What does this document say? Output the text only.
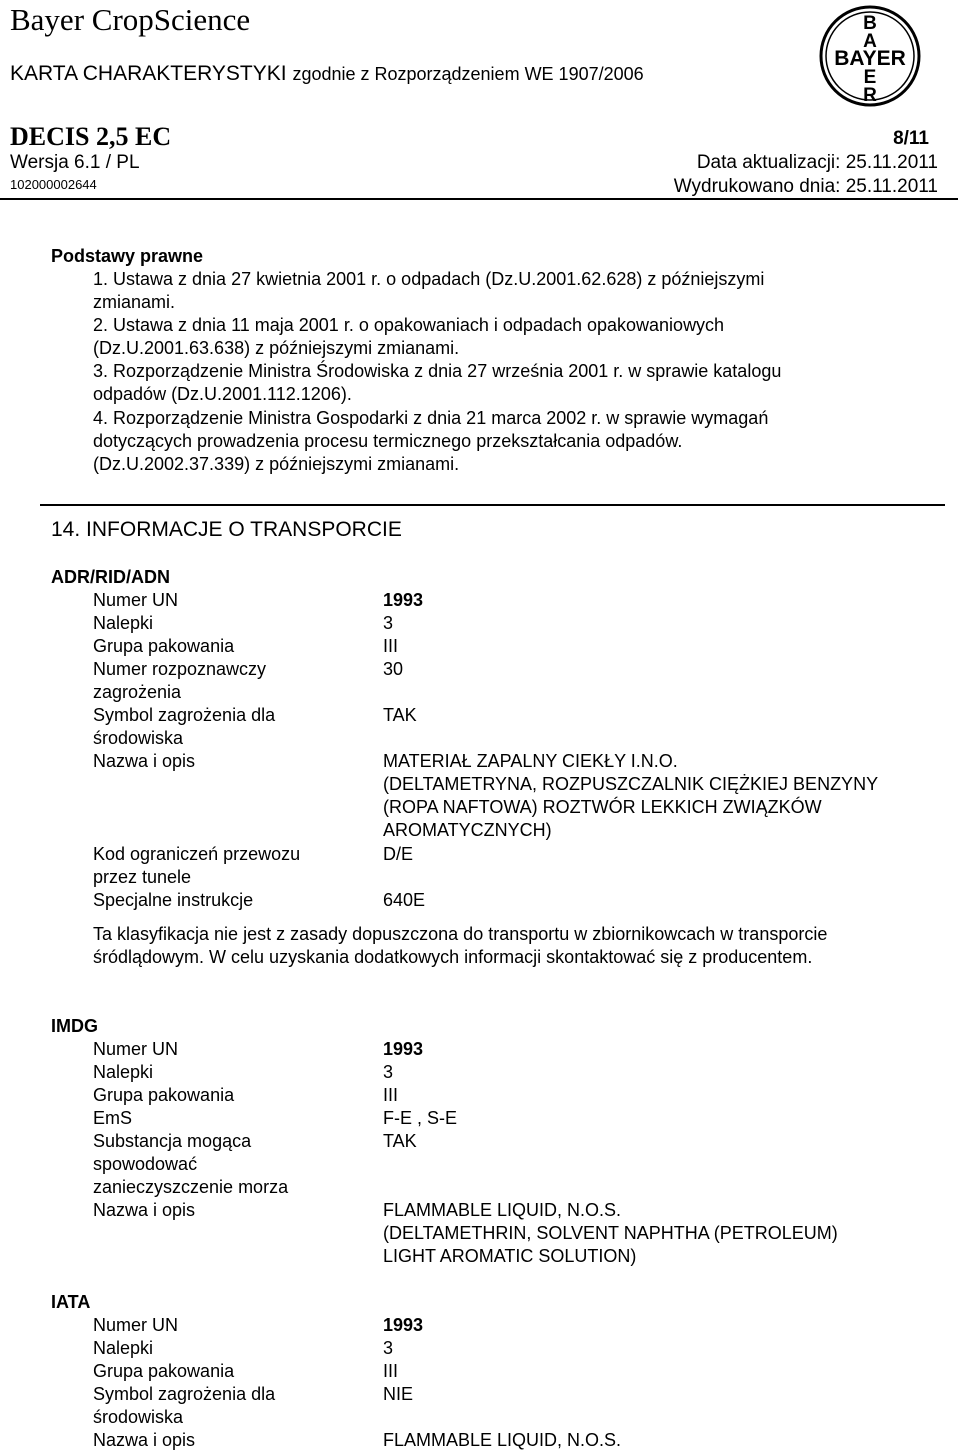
Bayer CropScience
KARTA CHARAKTERYSTYKI zgodnie z Rozporządzeniem WE 1907/2006
B
A
BAYER
E
R
DECIS 2,5 EC	8/11
Wersja 6.1 / PL	Data aktualizacji: 25.11.2011
102000002644	Wydrukowano dnia: 25.11.2011
Podstawy prawne
1. Ustawa z dnia 27 kwietnia 2001 r. o odpadach (Dz.U.2001.62.628) z późniejszymi
zmianami.
2. Ustawa z dnia 11 maja 2001 r. o opakowaniach i odpadach opakowaniowych
(Dz.U.2001.63.638) z późniejszymi zmianami.
3. Rozporządzenie Ministra Środowiska z dnia 27 września 2001 r. w sprawie katalogu
odpadów (Dz.U.2001.112.1206).
4. Rozporządzenie Ministra Gospodarki z dnia 21 marca 2002 r. w sprawie wymagań
dotyczących prowadzenia procesu termicznego przekształcania odpadów.
(Dz.U.2002.37.339) z późniejszymi zmianami.
14. INFORMACJE O TRANSPORCIE
ADR/RID/ADN
Numer UN	1993
Nalepki	3
Grupa pakowania	III
Numer rozpoznawczy	30
zagrożenia
Symbol zagrożenia dla	TAK
środowiska
Nazwa i opis	MATERIAŁ ZAPALNY CIEKŁY I.N.O.
(DELTAMETRYNA, ROZPUSZCZALNIK CIĘŻKIEJ BENZYNY
(ROPA NAFTOWA) ROZTWÓR LEKKICH ZWIĄZKÓW
AROMATYCZNYCH)
Kod ograniczeń przewozu	D/E
przez tunele
Specjalne instrukcje	640E
Ta klasyfikacja nie jest z zasady dopuszczona do transportu w zbiornikowcach w transporcie
śródlądowym. W celu uzyskania dodatkowych informacji skontaktować się z producentem.
IMDG
Numer UN	1993
Nalepki	3
Grupa pakowania	III
EmS	F-E , S-E
Substancja mogąca	TAK
spowodować
zanieczyszczenie morza
Nazwa i opis	FLAMMABLE LIQUID, N.O.S.
(DELTAMETHRIN, SOLVENT NAPHTHA (PETROLEUM)
LIGHT AROMATIC SOLUTION)
IATA
Numer UN	1993
Nalepki	3
Grupa pakowania	III
Symbol zagrożenia dla	NIE
środowiska
Nazwa i opis	FLAMMABLE LIQUID, N.O.S.
